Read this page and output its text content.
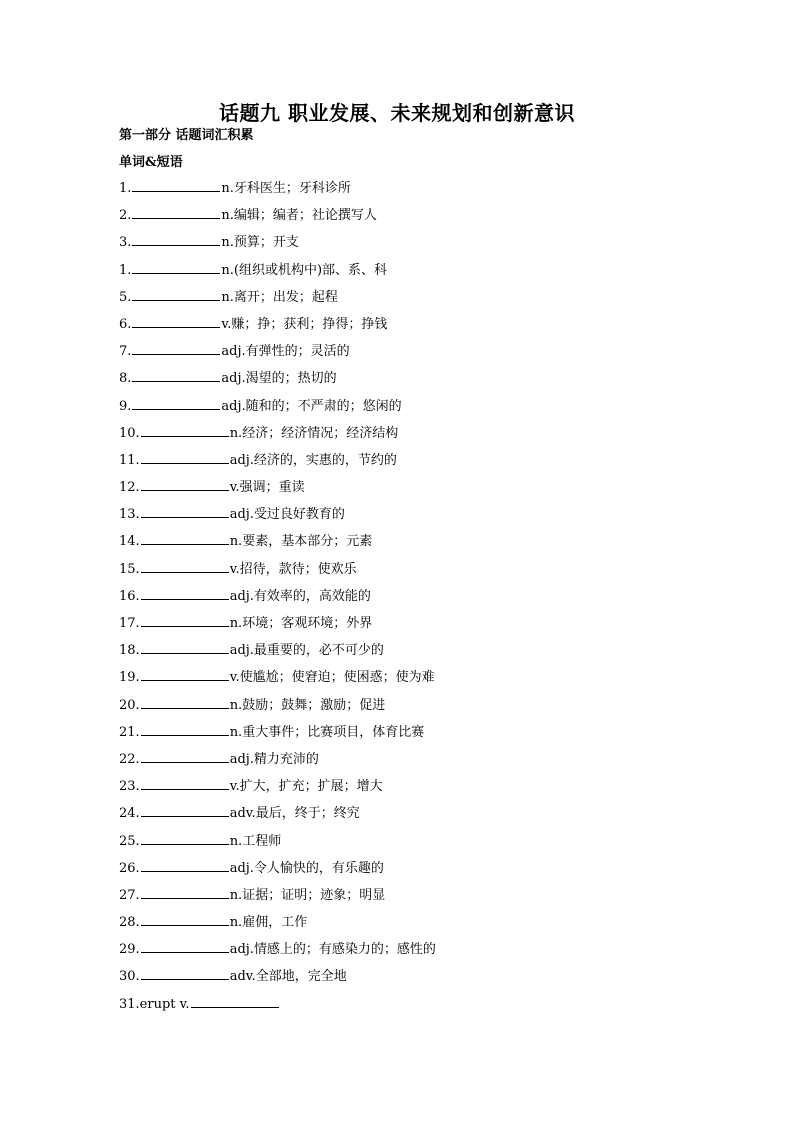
话题九 职业发展、未来规划和创新意识
第一部分 话题词汇积累
单词&短语
1.	n.牙科医生；牙科诊所
2.	n.编辑；编者；社论撰写人
3.	n.预算；开支
1.	n.(组织或机构中)部、系、科
5.	n.离开；出发；起程
6.	v.赚；挣；获利；挣得；挣钱
7.	adj.有弹性的；灵活的
8.	adj.渴望的；热切的
9.	adj.随和的；不严肃的；悠闲的
10.	n.经济；经济情况；经济结构
11.	adj.经济的，实惠的，节约的
12.	v.强调；重读
13.	adj.受过良好教育的
14.	n.要素，基本部分；元素
15.	v.招待，款待；使欢乐
16.	adj.有效率的，高效能的
17.	n.环境；客观环境；外界
18.	adj.最重要的，必不可少的
19.	v.使尴尬；使窘迫；使困惑；使为难
20.	n.鼓励；鼓舞；激励；促进
21.	n.重大事件；比赛项目，体育比赛
22.	adj.精力充沛的
23.	v.扩大，扩充；扩展；增大
24.	adv.最后，终于；终究
25.	n.工程师
26.	adj.令人愉快的，有乐趣的
27.	n.证据；证明；迹象；明显
28.	n.雇佣，工作
29.	adj.情感上的；有感染力的；感性的
30.	adv.全部地，完全地
31.erupt v.
